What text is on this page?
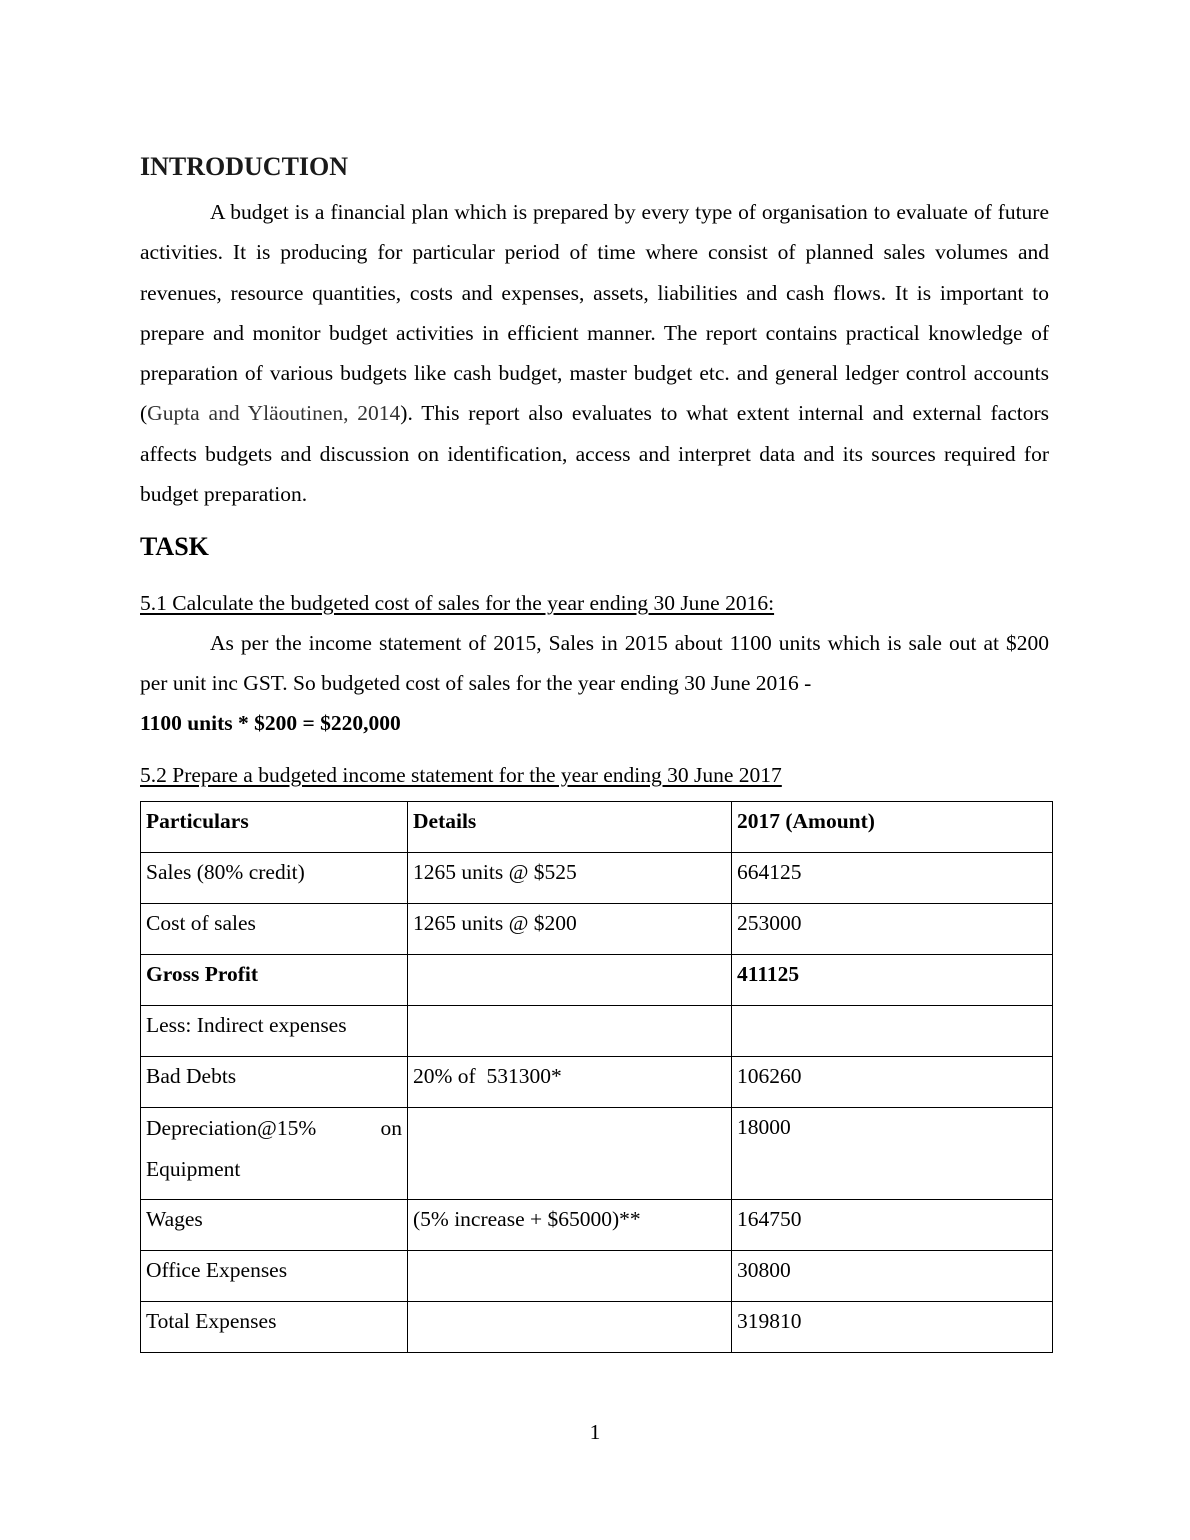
INTRODUCTION

A budget is a financial plan which is prepared by every type of organisation to evaluate of future activities. It is producing for particular period of time where consist of planned sales volumes and revenues, resource quantities, costs and expenses, assets, liabilities and cash flows. It is important to prepare and monitor budget activities in efficient manner. The report contains practical knowledge of preparation of various budgets like cash budget, master budget etc. and general ledger control accounts (Gupta and Yläoutinen, 2014). This report also evaluates to what extent internal and external factors affects budgets and discussion on identification, access and interpret data and its sources required for budget preparation.

TASK

5.1 Calculate the budgeted cost of sales for the year ending 30 June 2016:

As per the income statement of 2015, Sales in 2015 about 1100 units which is sale out at $200 per unit inc GST. So budgeted cost of sales for the year ending 30 June 2016 -

1100 units * $200 = $220,000

5.2 Prepare a budgeted income statement for the year ending 30 June 2017

Particulars	Details	2017 (Amount)
Sales (80% credit)	1265 units @ $525	664125
Cost of sales	1265 units @ $200	253000
Gross Profit		411125
Less: Indirect expenses		
Bad Debts	20% of  531300*	106260

Depreciation@15% on
Equipment		18000
Wages	(5% increase + $65000)**	164750
Office Expenses		30800
Total Expenses		319810

1
